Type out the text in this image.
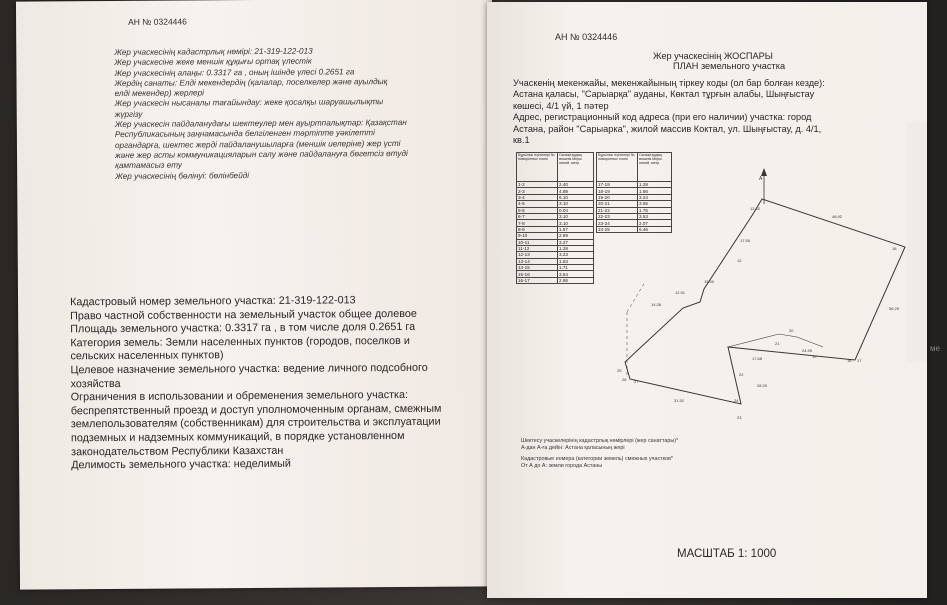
АН № 0324446
Жер учаскесінің кадастрлық нөмірі: 21-319-122-013
Жер учаскесіне жеке меншік құқығы ортақ үлестік
Жер учаскесінің алаңы: 0.3317 га , оның ішінде үлесі 0.2651 га
Жердің санаты: Елді мекендердің (қалалар, поселкелер және ауылдық
елді мекендер) жерлері
Жер учаскесін нысаналы тағайындау: жеке қосалқы шаруашылықты
жүргізу
Жер учаскесін пайдаланудағы шектеулер мен ауыртпалықтар: Қазақстан
Республикасының заңнамасында белгіленген тәртіпте уәкілетті
органдарға, шектес жерді пайдаланушыларға (меншік иелеріне) жер үсті
және жер асты коммуникацияларын салу және пайдалануға бөгетсіз өтуді
қамтамасыз ету
Жер учаскесінің бөлінуі: бөлінбейді
Кадастровый номер земельного участка: 21-319-122-013
Право частной собственности на земельный участок общее долевое
Площадь земельного участка: 0.3317 га , в том числе доля 0.2651 га
Категория земель: Земли населенных пунктов (городов, поселков и
сельских населенных пунктов)
Целевое назначение земельного участка: ведение личного подсобного
хозяйства
Ограничения в использовании и обременения земельного участка:
беспрепятственный проезд и доступ уполномоченным органам, смежным
землепользователям (собственникам) для строительства и эксплуатации
подземных и надземных коммуникаций, в порядке установленном
законодательством Республики Казахстан
Делимость земельного участка: неделимый
АН № 0324446
Жер учаскесінің ЖОСПАРЫ
ПЛАН земельного участка
Учаскенің мекенжайы, мекенжайының тіркеу коды (ол бар болған кезде):
Астана қаласы, "Сарыарқа" ауданы, Көктал тұрғын алабы, Шыңғыстау
көшесі, 4/1 үй, 1 пәтер
Адрес, регистрационный код адреса (при его наличии) участка: город
Астана, район "Сарыарка", жилой массив Коктал, ул. Шыңғыстау, д. 4/1,
кв.1
Бұрылыс нүктелері № поворотных точек	Сызықтардың өлшемі Меры линий, метр
1-2	2.40
2-3	4.89
3-4	6.10
4-5	3.10
5-6	0.04
6-7	3.10
7-8	3.10
8-9	1.57
9-10	2.69
10-11	3.27
11-12	1.28
12-13	3.23
13-14	1.63
14-15	1.71
15-16	3.54
16-17	2.86
Бұрылыс нүктелері № поворотных точек	Сызықтардың өлшемі Меры линий, метр
17-18	1.28
18-19	1.66
19-20	3.24
20-21	3.55
21-22	1.76
22-23	3.53
23-24	2.07
24-25	6.46
А
48.92
17.55
12.42
56.29
15.40
12.91
14.28
24.95
17.68
28.25
31.52
16 17
18
12
26 27
25
24
23
22
21
20
19
Шектесу учаскелерiнiң кадастрлық нөмiрлерi (жер санаттары)*
А-дан А-ға дейiн: Астана қаласының жерi
Кадастровые номера (категории земель) смежных участков*
От А до А: земли города Астаны
МАСШТАБ 1: 1000
ме
